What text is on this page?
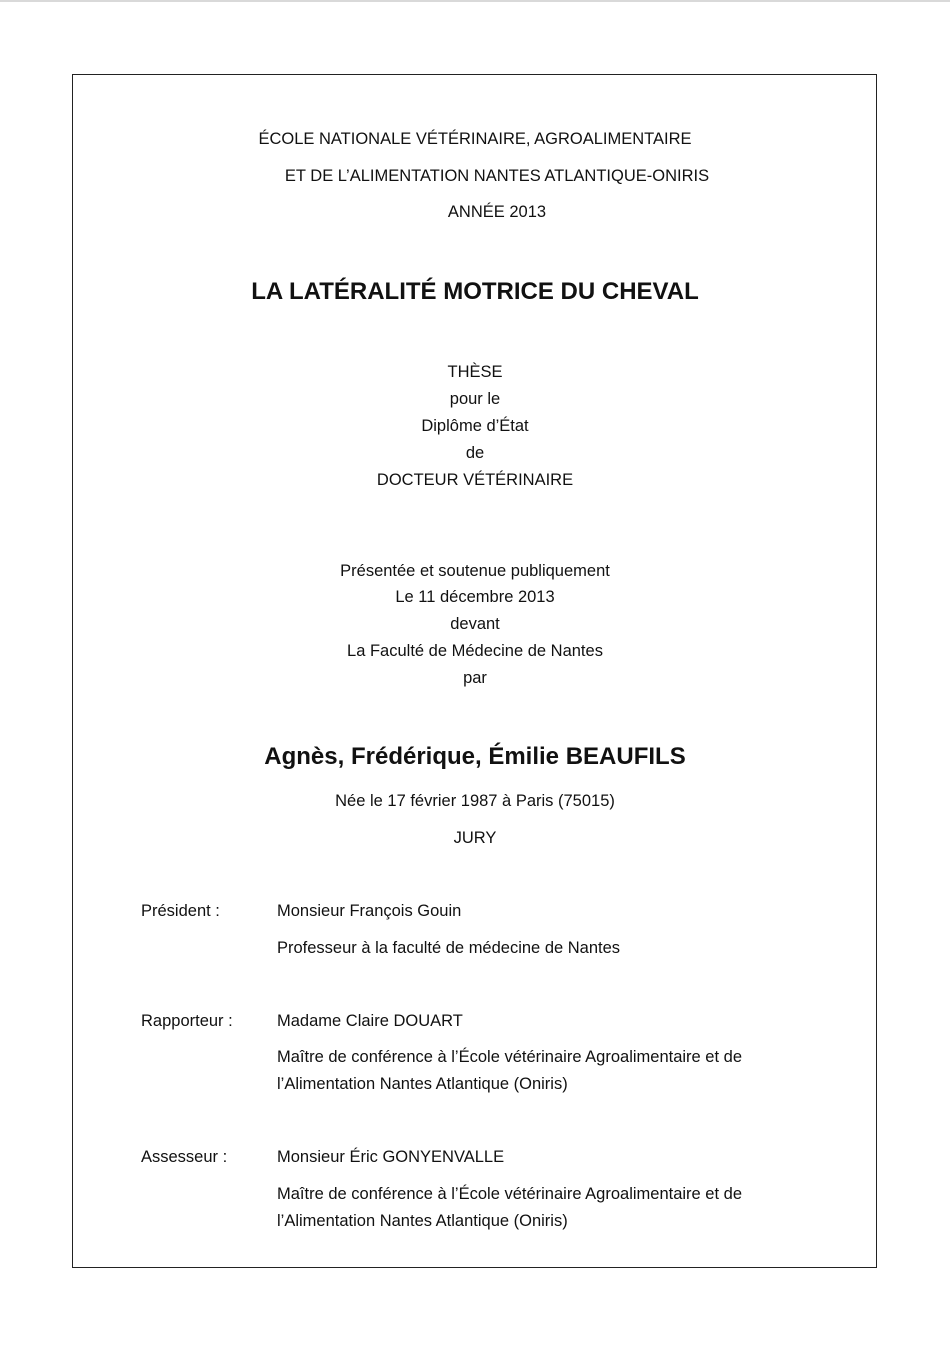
ÉCOLE NATIONALE VÉTÉRINAIRE, AGROALIMENTAIRE
ET DE L’ALIMENTATION NANTES ATLANTIQUE-ONIRIS
ANNÉE 2013
LA LATÉRALITÉ MOTRICE DU CHEVAL
THÈSE
pour le
Diplôme d’État
de
DOCTEUR VÉTÉRINAIRE
Présentée et soutenue publiquement
Le 11 décembre 2013
devant
La Faculté de Médecine de Nantes
par
Agnès, Frédérique, Émilie BEAUFILS
Née le 17 février 1987 à Paris (75015)
JURY
Président :	Monsieur François Gouin
Professeur à la faculté de médecine de Nantes
Rapporteur :	Madame Claire DOUART
Maître de conférence à l’École vétérinaire Agroalimentaire et de
l’Alimentation Nantes Atlantique (Oniris)
Assesseur :	Monsieur Éric GONYENVALLE
Maître de conférence à l’École vétérinaire Agroalimentaire et de
l’Alimentation Nantes Atlantique (Oniris)
